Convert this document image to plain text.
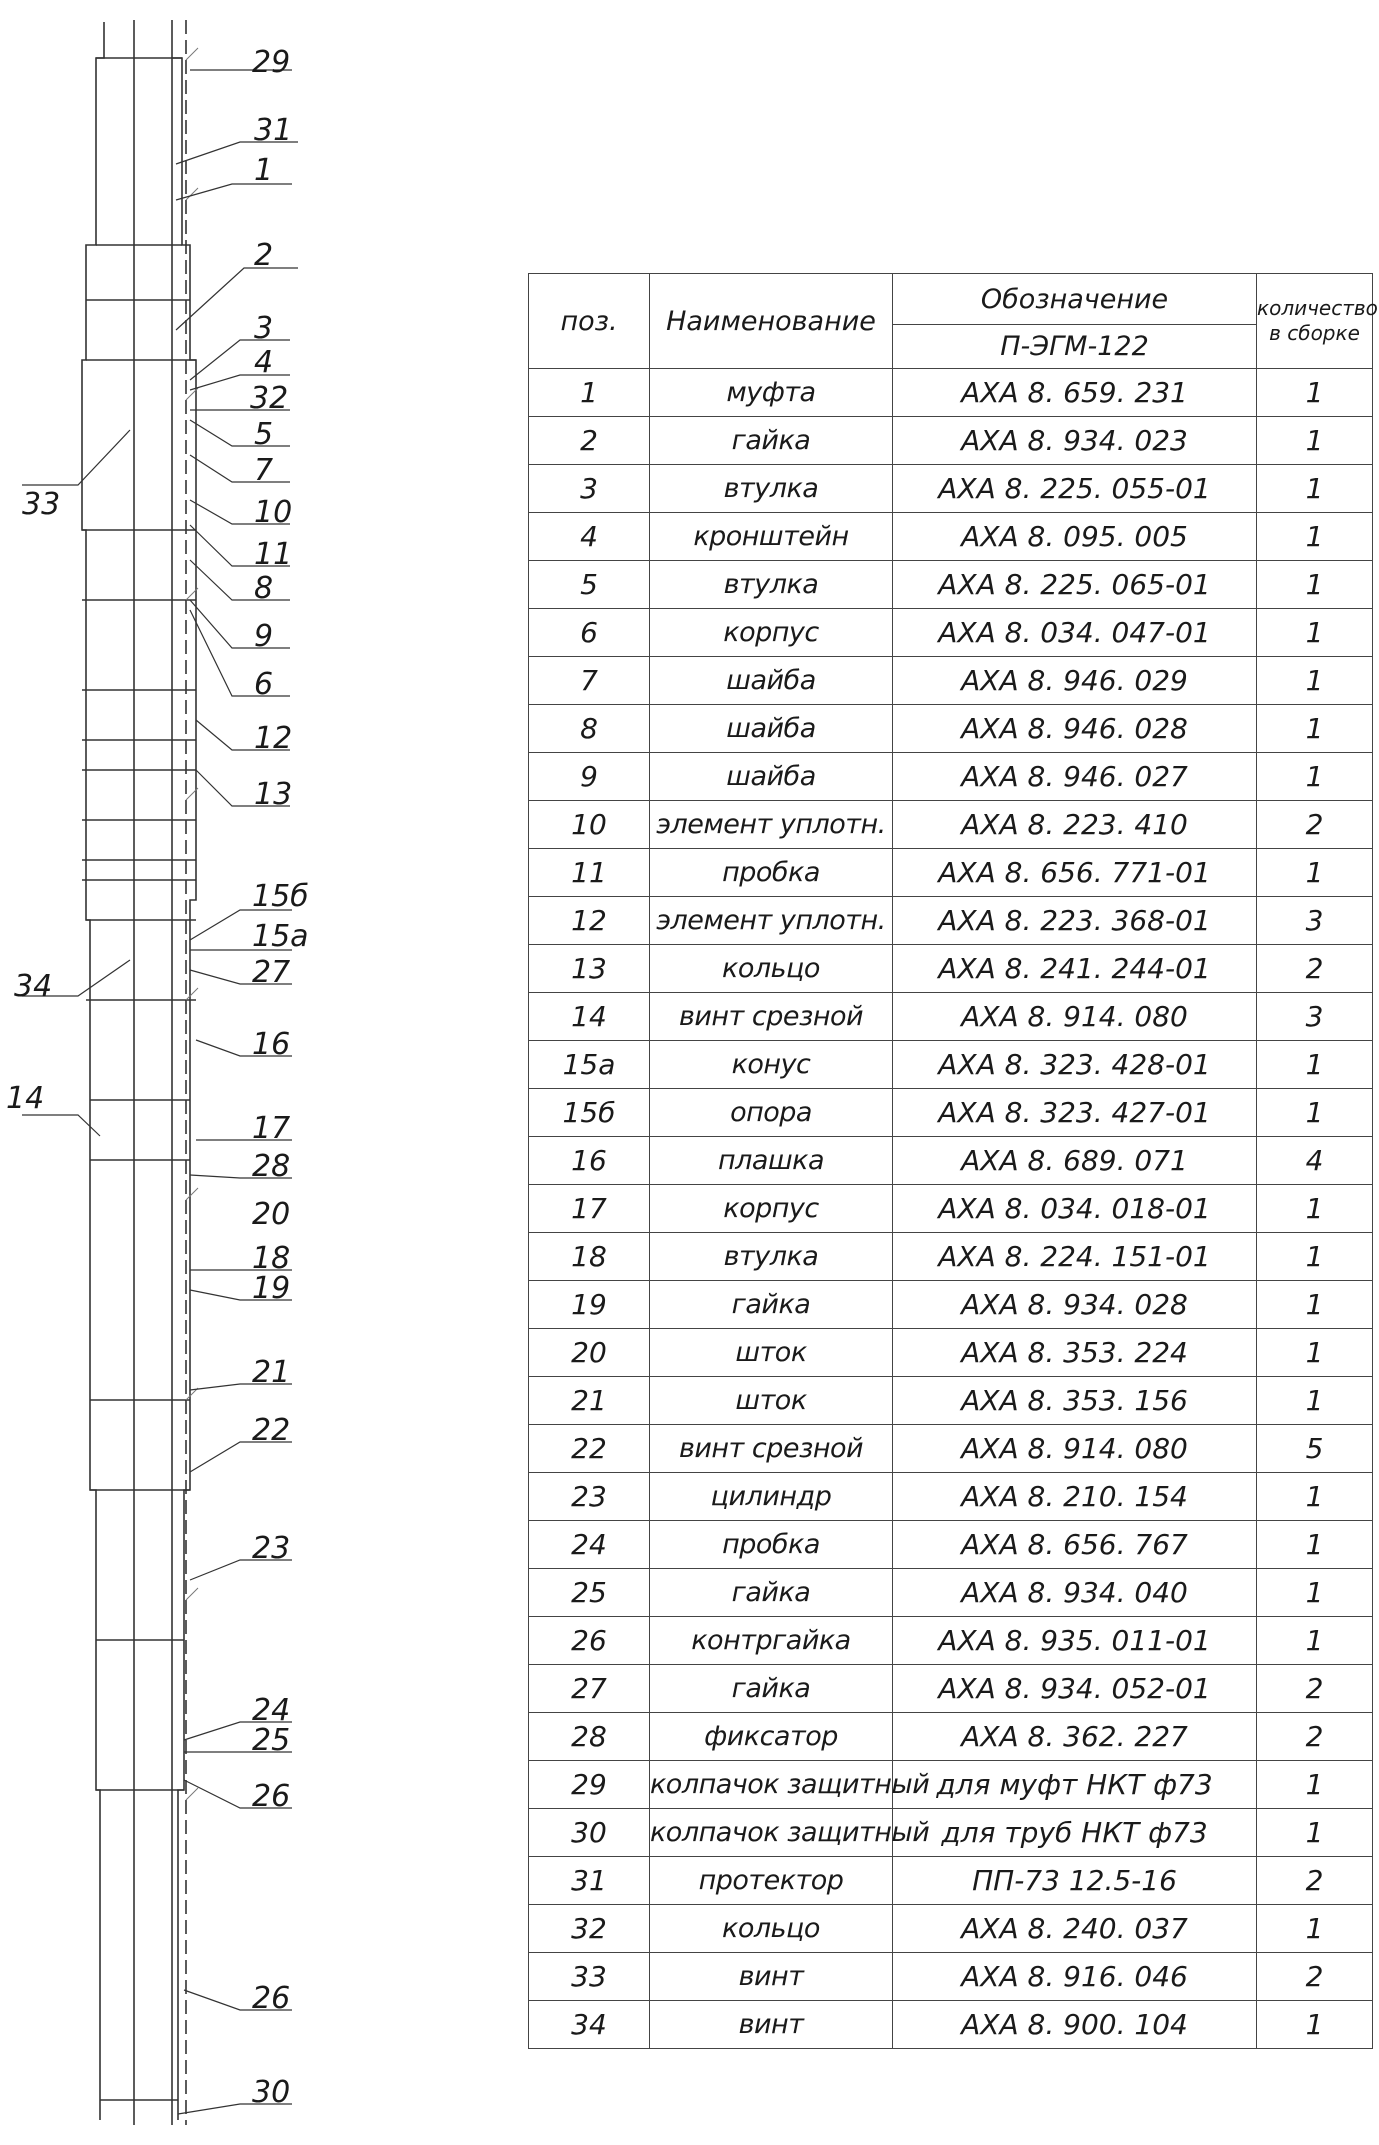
29
31
1
2
3
4
32
5
7
10
11
8
9
6
12
13
15б
15а
27
16
17
28
20
18
19
21
22
23
24
25
26
26
30
33
34
14
поз.	Наименование	Обозначение	количество в сборке
		П-ЭГМ-122	
1	муфта	АХА 8. 659. 231	1
2	гайка	АХА 8. 934. 023	1
3	втулка	АХА 8. 225. 055-01	1
4	кронштейн	АХА 8. 095. 005	1
5	втулка	АХА 8. 225. 065-01	1
6	корпус	АХА 8. 034. 047-01	1
7	шайба	АХА 8. 946. 029	1
8	шайба	АХА 8. 946. 028	1
9	шайба	АХА 8. 946. 027	1
10	элемент уплотн.	АХА 8. 223. 410	2
11	пробка	АХА 8. 656. 771-01	1
12	элемент уплотн.	АХА 8. 223. 368-01	3
13	кольцо	АХА 8. 241. 244-01	2
14	винт срезной	АХА 8. 914. 080	3
15а	конус	АХА 8. 323. 428-01	1
15б	опора	АХА 8. 323. 427-01	1
16	плашка	АХА 8. 689. 071	4
17	корпус	АХА 8. 034. 018-01	1
18	втулка	АХА 8. 224. 151-01	1
19	гайка	АХА 8. 934. 028	1
20	шток	АХА 8. 353. 224	1
21	шток	АХА 8. 353. 156	1
22	винт срезной	АХА 8. 914. 080	5
23	цилиндр	АХА 8. 210. 154	1
24	пробка	АХА 8. 656. 767	1
25	гайка	АХА 8. 934. 040	1
26	контргайка	АХА 8. 935. 011-01	1
27	гайка	АХА 8. 934. 052-01	2
28	фиксатор	АХА 8. 362. 227	2
29	колпачок защитный	для муфт НКТ ф73	1
30	колпачок защитный	для труб НКТ ф73	1
31	протектор	ПП-73 12.5-16	2
32	кольцо	АХА 8. 240. 037	1
33	винт	АХА 8. 916. 046	2
34	винт	АХА 8. 900. 104	1
